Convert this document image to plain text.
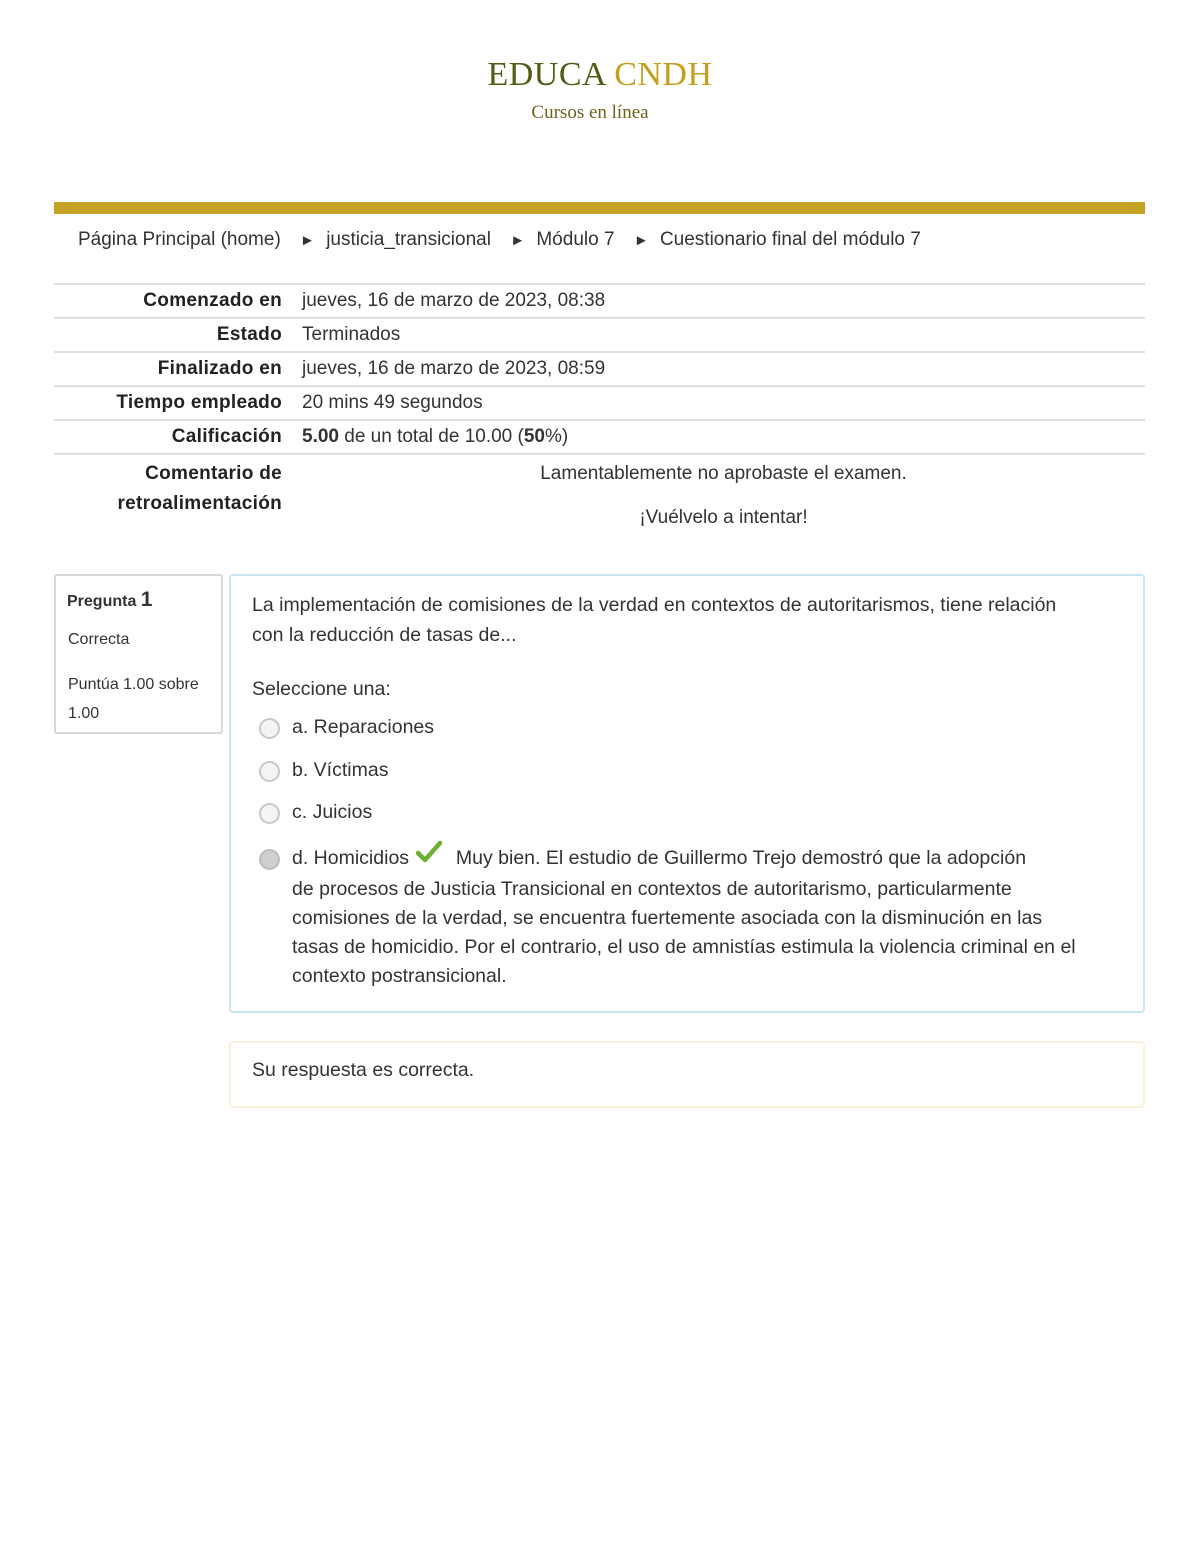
EDUCA CNDH
Cursos en línea
Página Principal (home) ► justicia_transicional ► Módulo 7 ► Cuestionario final del módulo 7
Comenzado en	jueves, 16 de marzo de 2023, 08:38
Estado	Terminados
Finalizado en	jueves, 16 de marzo de 2023, 08:59
Tiempo empleado	20 mins 49 segundos
Calificación	5.00 de un total de 10.00 (50%)
Comentario de retroalimentación	Lamentablemente no aprobaste el examen.

¡Vuélvelo a intentar!

Pregunta 1
Correcta
Puntúa 1.00 sobre 1.00
La implementación de comisiones de la verdad en contextos de autoritarismos, tiene relación con la reducción de tasas de...
Seleccione una:
a. Reparaciones
b. Víctimas
c. Juicios
d. Homicidios Muy bien. El estudio de Guillermo Trejo demostró que la adopción
de procesos de Justicia Transicional en contextos de autoritarismo, particularmente comisiones de la verdad, se encuentra fuertemente asociada con la disminución en las tasas de homicidio. Por el contrario, el uso de amnistías estimula la violencia criminal en el contexto postransicional.
Su respuesta es correcta.
